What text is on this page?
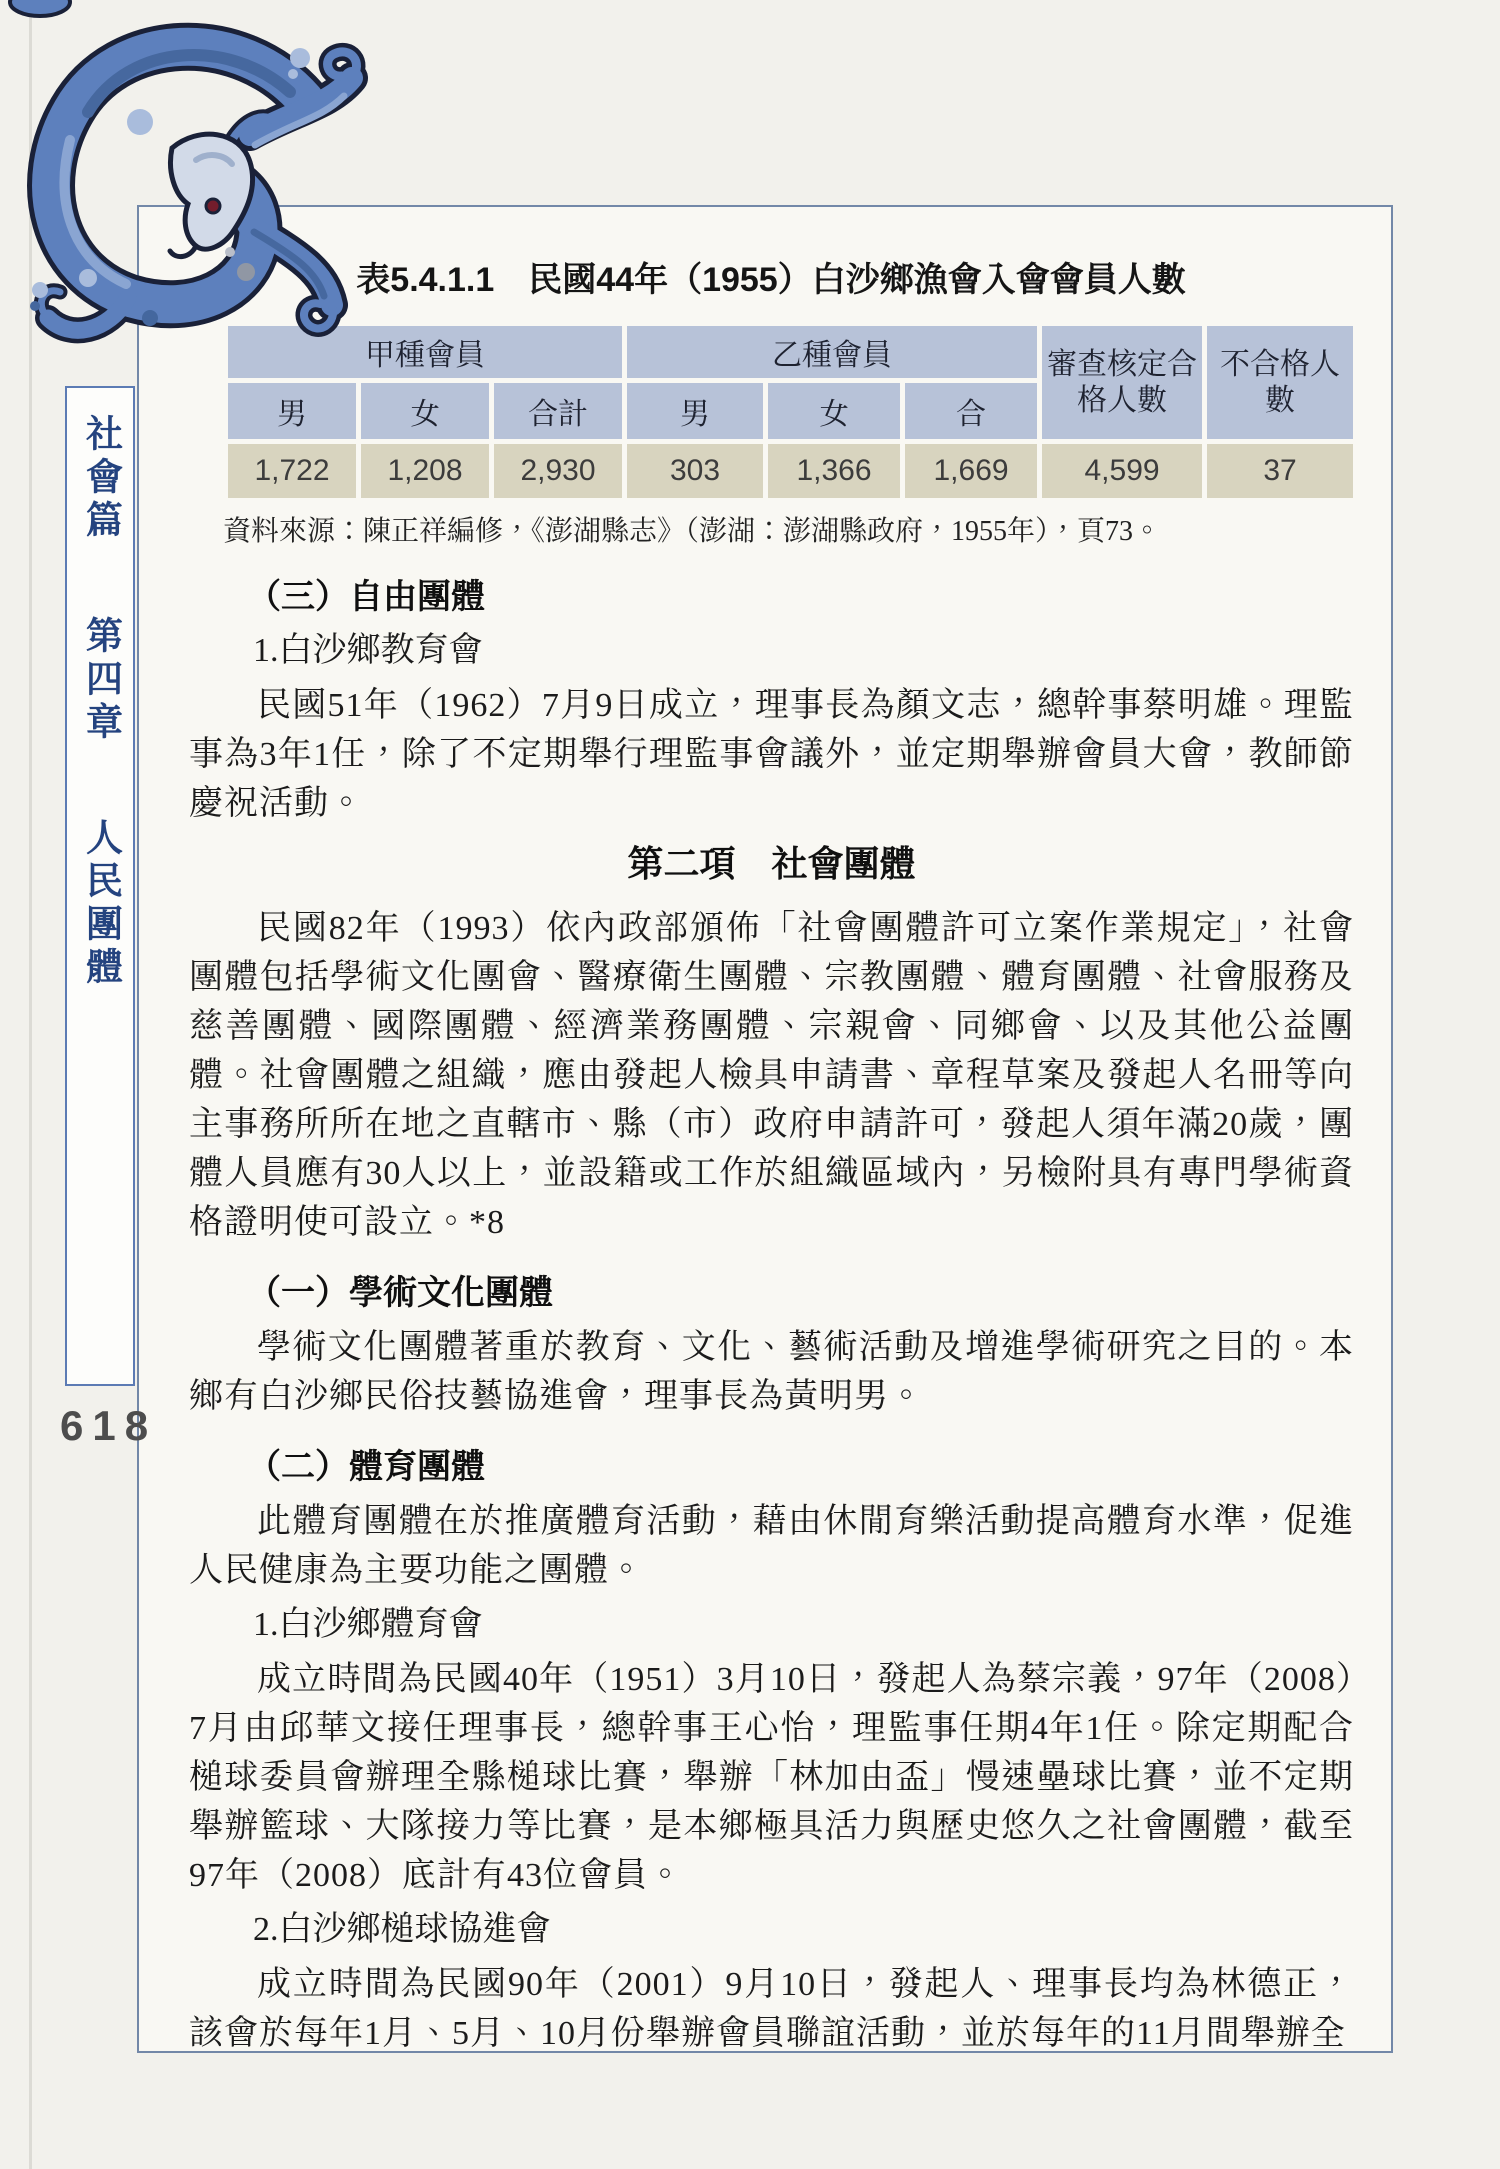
表5.4.1.1　民國44年（1955）白沙鄉漁會入會會員人數
甲種會員			乙種會員			審查核定合格人數	不合格人數
男	女	合計	男	女	合		
1,722	1,208	2,930	303	1,366	1,669	4,599	37
資料來源：陳正祥編修，《澎湖縣志》（澎湖：澎湖縣政府，1955年），頁73。
（三）自由團體
1.白沙鄉教育會

民國51年（1962）7月9日成立，理事長為顏文志，總幹事蔡明雄。理監事為3年1任，除了不定期舉行理監事會議外，並定期舉辦會員大會，教師節慶祝活動。

第二項　社會團體

民國82年（1993）依內政部頒佈「社會團體許可立案作業規定」，社會團體包括學術文化團會、醫療衛生團體、宗教團體、體育團體、社會服務及慈善團體、國際團體、經濟業務團體、宗親會、同鄉會、以及其他公益團體。社會團體之組織，應由發起人檢具申請書、章程草案及發起人名冊等向主事務所所在地之直轄市、縣（市）政府申請許可，發起人須年滿20歲，團體人員應有30人以上，並設籍或工作於組織區域內，另檢附具有專門學術資格證明使可設立。*8

（一）學術文化團體

學術文化團體著重於教育、文化、藝術活動及增進學術研究之目的。本鄉有白沙鄉民俗技藝協進會，理事長為黃明男。

（二）體育團體

此體育團體在於推廣體育活動，藉由休閒育樂活動提高體育水準，促進人民健康為主要功能之團體。

1.白沙鄉體育會

成立時間為民國40年（1951）3月10日，發起人為蔡宗義，97年（2008）7月由邱華文接任理事長，總幹事王心怡，理監事任期4年1任。除定期配合槌球委員會辦理全縣槌球比賽，舉辦「林加由盃」慢速壘球比賽，並不定期舉辦籃球、大隊接力等比賽，是本鄉極具活力與歷史悠久之社會團體，截至97年（2008）底計有43位會員。

2.白沙鄉槌球協進會

成立時間為民國90年（2001）9月10日，發起人、理事長均為林德正，該會於每年1月、5月、10月份舉辦會員聯誼活動，並於每年的11月間舉辦全

社會篇 第四章 人民團體
618
